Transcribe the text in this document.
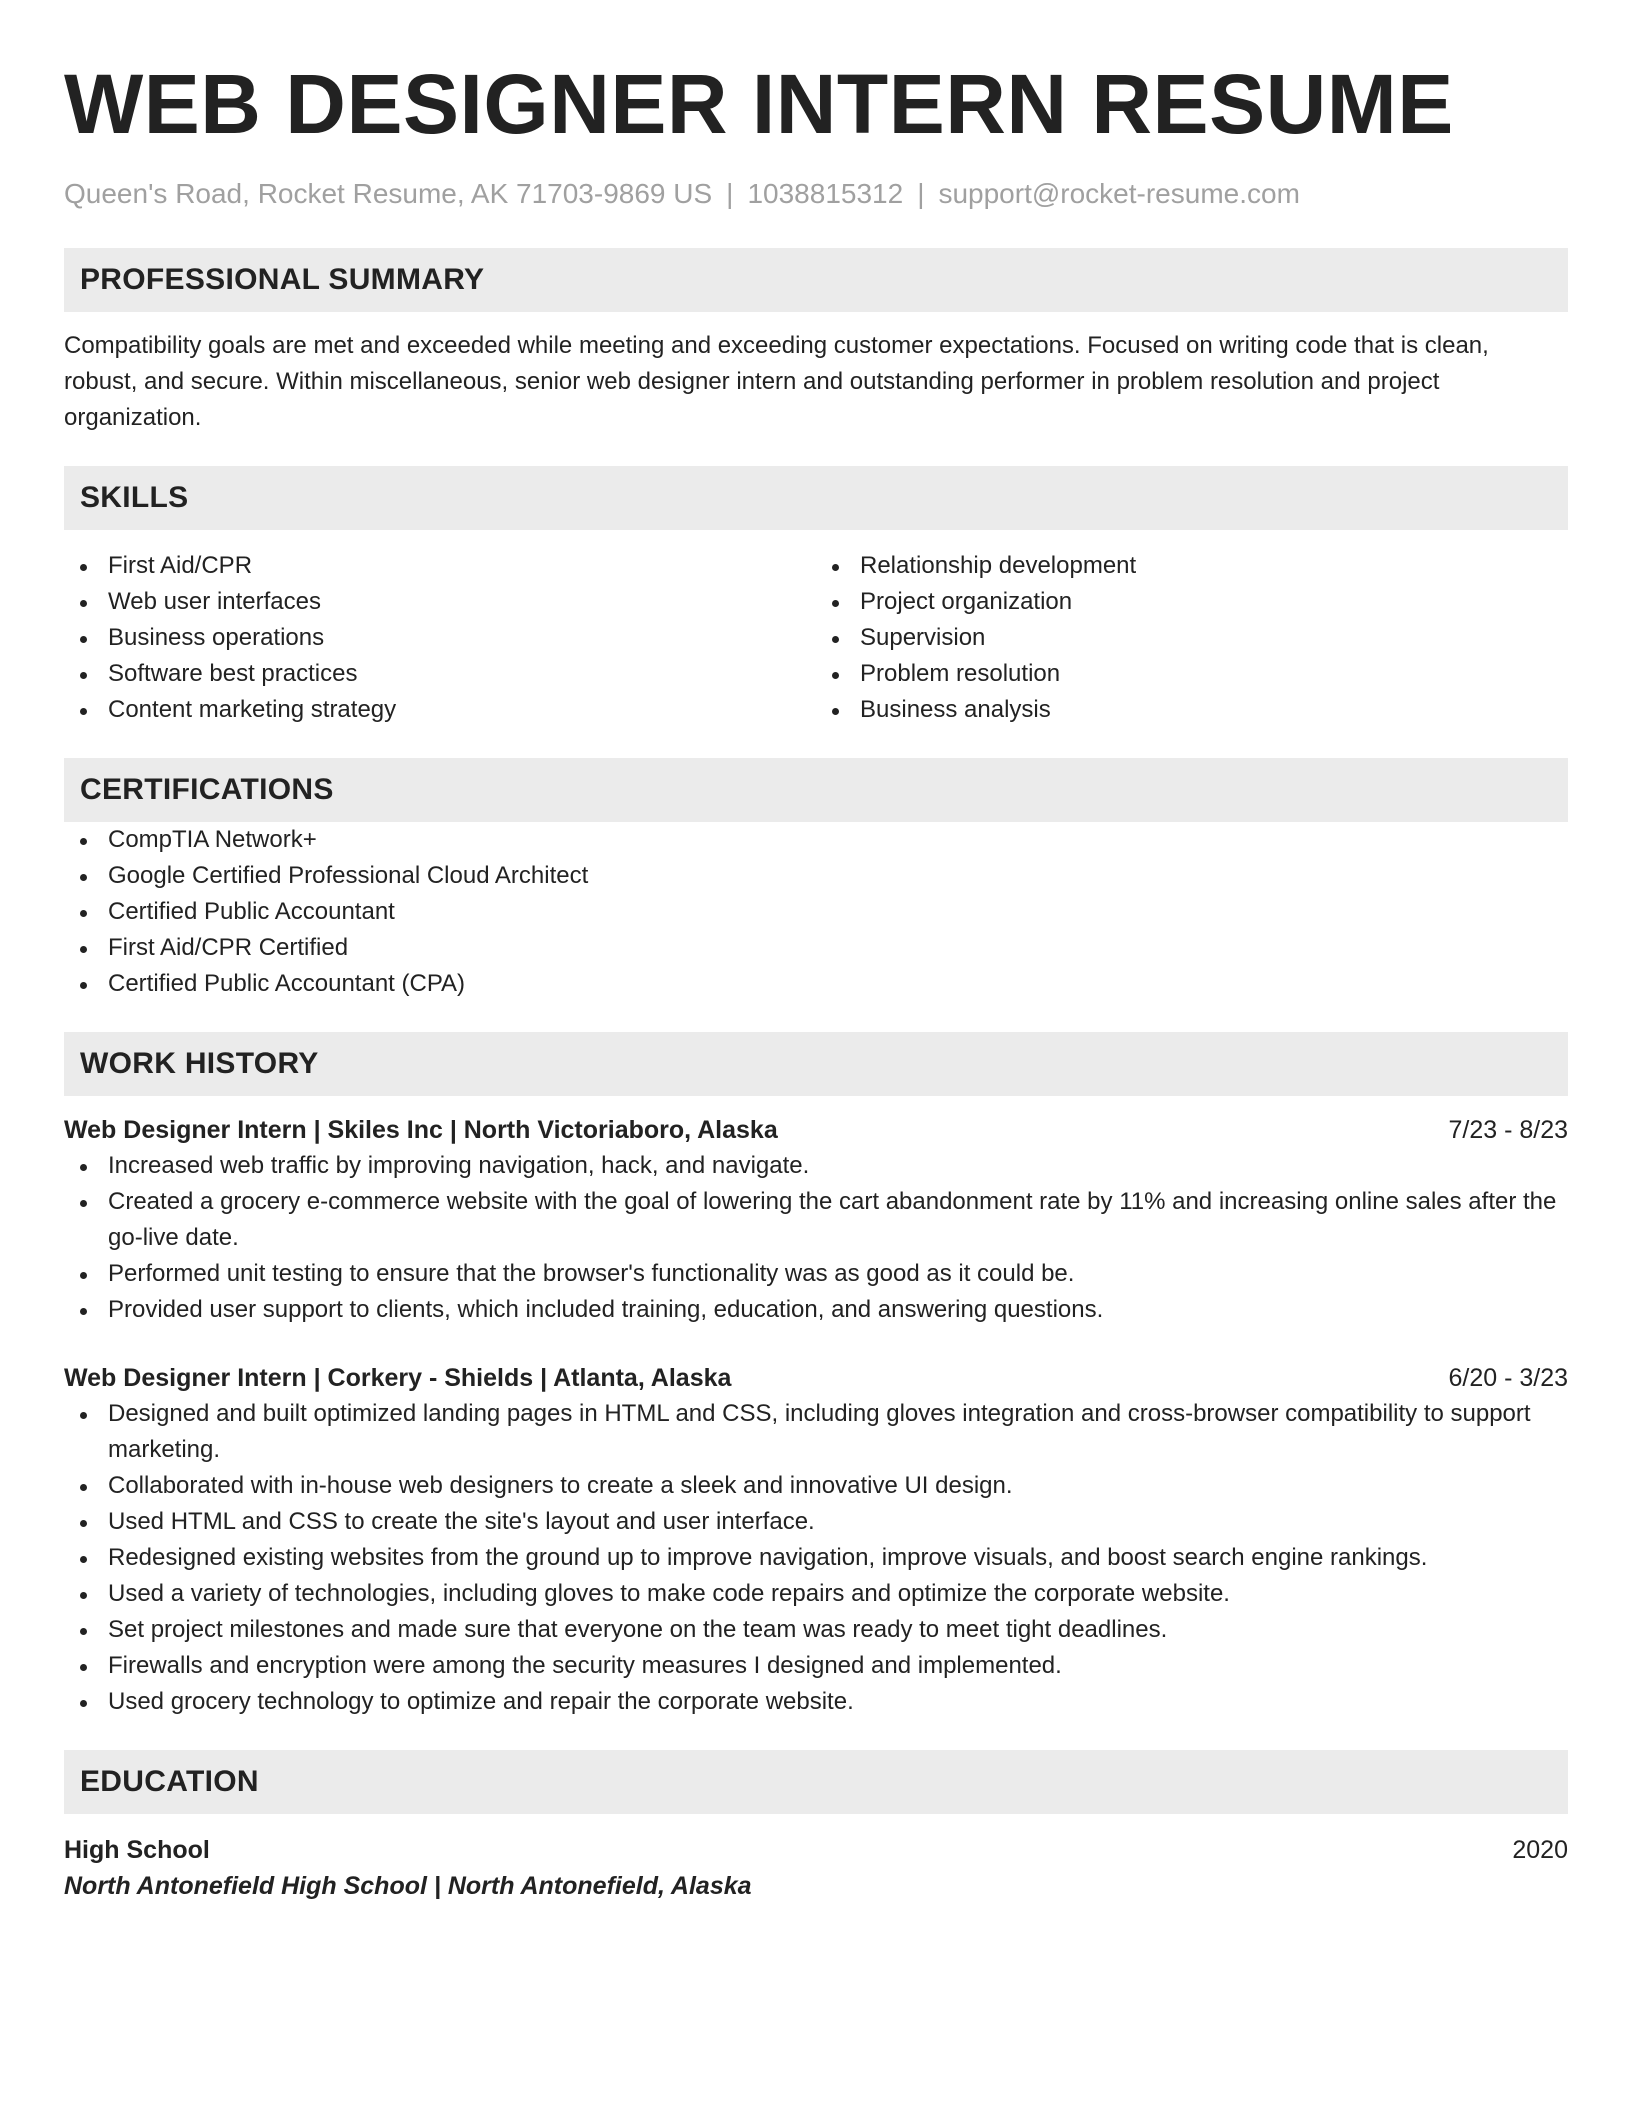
WEB DESIGNER INTERN RESUME
Queen's Road, Rocket Resume, AK 71703-9869 US | 1038815312 | support@rocket-resume.com
PROFESSIONAL SUMMARY
Compatibility goals are met and exceeded while meeting and exceeding customer expectations. Focused on writing code that is clean, robust, and secure. Within miscellaneous, senior web designer intern and outstanding performer in problem resolution and project organization.
SKILLS
First Aid/CPR
Web user interfaces
Business operations
Software best practices
Content marketing strategy
Relationship development
Project organization
Supervision
Problem resolution
Business analysis
CERTIFICATIONS
CompTIA Network+
Google Certified Professional Cloud Architect
Certified Public Accountant
First Aid/CPR Certified
Certified Public Accountant (CPA)
WORK HISTORY
Web Designer Intern | Skiles Inc | North Victoriaboro, Alaska	7/23 - 8/23
Increased web traffic by improving navigation, hack, and navigate.
Created a grocery e-commerce website with the goal of lowering the cart abandonment rate by 11% and increasing online sales after the go-live date.
Performed unit testing to ensure that the browser's functionality was as good as it could be.
Provided user support to clients, which included training, education, and answering questions.
Web Designer Intern | Corkery - Shields | Atlanta, Alaska	6/20 - 3/23
Designed and built optimized landing pages in HTML and CSS, including gloves integration and cross-browser compatibility to support marketing.
Collaborated with in-house web designers to create a sleek and innovative UI design.
Used HTML and CSS to create the site's layout and user interface.
Redesigned existing websites from the ground up to improve navigation, improve visuals, and boost search engine rankings.
Used a variety of technologies, including gloves to make code repairs and optimize the corporate website.
Set project milestones and made sure that everyone on the team was ready to meet tight deadlines.
Firewalls and encryption were among the security measures I designed and implemented.
Used grocery technology to optimize and repair the corporate website.
EDUCATION
High School	2020
North Antonefield High School | North Antonefield, Alaska
